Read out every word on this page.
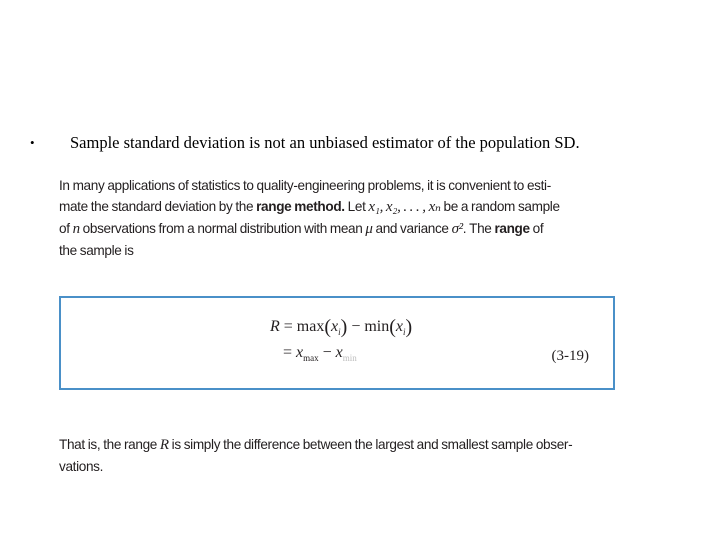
• Sample standard deviation is not an unbiased estimator of the population SD.
In many applications of statistics to quality-engineering problems, it is convenient to esti-
mate the standard deviation by the range method. Let x₁, x₂, . . . , xₙ be a random sample
of n observations from a normal distribution with mean μ and variance σ². The range of
the sample is
$R = \max(x_i) - \min(x_i)$
= $x_{max} - x_{min}$	(3-19)
That is, the range R is simply the difference between the largest and smallest sample obser-
vations.
